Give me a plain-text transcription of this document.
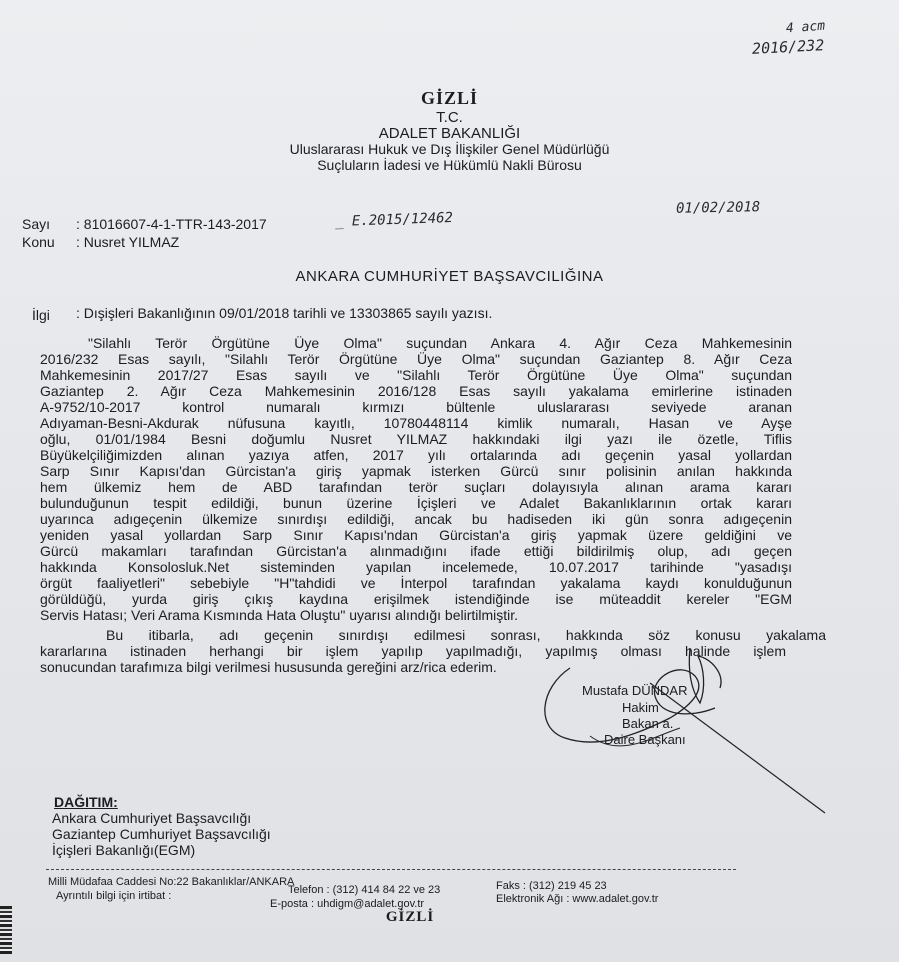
4 acm
2016/232
GİZLİ
T.C.
ADALET BAKANLIĞI
Uluslararası Hukuk ve Dış İlişkiler Genel Müdürlüğü
Suçluların İadesi ve Hükümlü Nakli Bürosu
Sayı : 81016607-4-1-TTR-143-2017	_ E.2015/12462
01/02/2018
Konu : Nusret YILMAZ
ANKARA CUMHURİYET BAŞSAVCILIĞINA
İlgi : Dışişleri Bakanlığının 09/01/2018 tarihli ve 13303865 sayılı yazısı.
"Silahlı Terör Örgütüne Üye Olma" suçundan Ankara 4. Ağır Ceza Mahkemesinin
2016/232 Esas sayılı, "Silahlı Terör Örgütüne Üye Olma" suçundan Gaziantep 8. Ağır Ceza
Mahkemesinin 2017/27 Esas sayılı ve "Silahlı Terör Örgütüne Üye Olma" suçundan
Gaziantep 2. Ağır Ceza Mahkemesinin 2016/128 Esas sayılı yakalama emirlerine istinaden
A-9752/10-2017 kontrol numaralı kırmızı bültenle uluslararası seviyede aranan
Adıyaman-Besni-Akdurak nüfusuna kayıtlı, 10780448114 kimlik numaralı, Hasan ve Ayşe
oğlu, 01/01/1984 Besni doğumlu Nusret YILMAZ hakkındaki ilgi yazı ile özetle, Tiflis
Büyükelçiliğimizden alınan yazıya atfen, 2017 yılı ortalarında adı geçenin yasal yollardan
Sarp Sınır Kapısı'dan Gürcistan'a giriş yapmak isterken Gürcü sınır polisinin anılan hakkında
hem ülkemiz hem de ABD tarafından terör suçları dolayısıyla alınan arama kararı
bulunduğunun tespit edildiği, bunun üzerine İçişleri ve Adalet Bakanlıklarının ortak kararı
uyarınca adıgeçenin ülkemize sınırdışı edildiği, ancak bu hadiseden iki gün sonra adıgeçenin
yeniden yasal yollardan Sarp Sınır Kapısı'ndan Gürcistan'a giriş yapmak üzere geldiğini ve
Gürcü makamları tarafından Gürcistan'a alınmadığını ifade ettiği bildirilmiş olup, adı geçen
hakkında Konsolosluk.Net sisteminden yapılan incelemede, 10.07.2017 tarihinde "yasadışı
örgüt faaliyetleri" sebebiyle "H"tahdidi ve İnterpol tarafından yakalama kaydı konulduğunun
görüldüğü, yurda giriş çıkış kaydına erişilmek istendiğinde ise müteaddit kereler "EGM
Servis Hatası; Veri Arama Kısmında Hata Oluştu" uyarısı alındığı belirtilmiştir.
Bu itibarla, adı geçenin sınırdışı edilmesi sonrası, hakkında söz konusu yakalama
kararlarına istinaden herhangi bir işlem yapılıp yapılmadığı, yapılmış olması halinde işlem
sonucundan tarafımıza bilgi verilmesi hususunda gereğini arz/rica ederim.
Mustafa DÜNDAR
Hakim
Bakan a.
Daire Başkanı
DAĞITIM:
Ankara Cumhuriyet Başsavcılığı
Gaziantep Cumhuriyet Başsavcılığı
İçişleri Bakanlığı(EGM)
Milli Müdafaa Caddesi No:22 Bakanlıklar/ANKARA
Ayrıntılı bilgi için irtibat :	Telefon : (312) 414 84 22 ve 23	Faks : (312) 219 45 23
E-posta : uhdigm@adalet.gov.tr	Elektronik Ağı : www.adalet.gov.tr
GİZLİ
